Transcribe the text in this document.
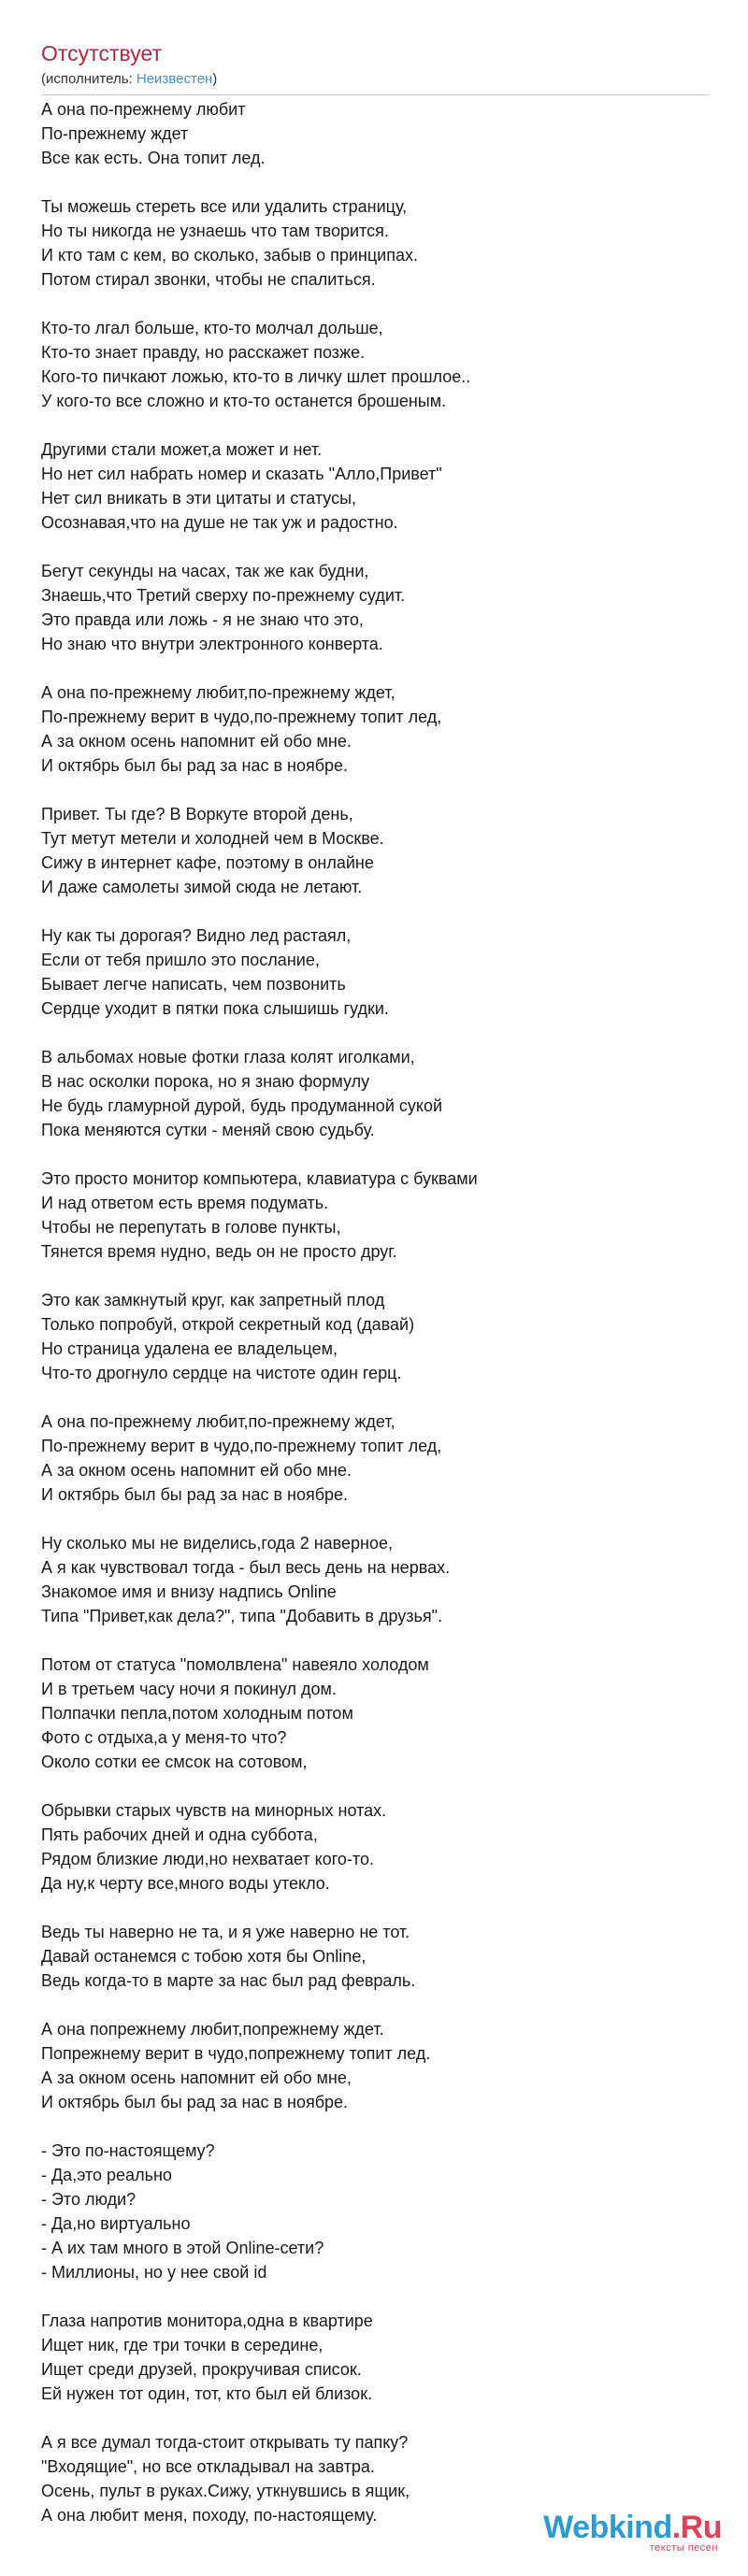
Отсутствует
(исполнитель: Неизвестен)
А она по-прежнему любит
По-прежнему ждет
Все как есть. Она топит лед.
Ты можешь стереть все или удалить страницу,
Но ты никогда не узнаешь что там творится.
И кто там с кем, во сколько, забыв о принципах.
Потом стирал звонки, чтобы не спалиться.
Кто-то лгал больше, кто-то молчал дольше,
Кто-то знает правду, но расскажет позже.
Кого-то пичкают ложью, кто-то в личку шлет прошлое..
У кого-то все сложно и кто-то останется брошеным.
Другими стали может,а может и нет.
Но нет сил набрать номер и сказать "Алло,Привет"
Нет сил вникать в эти цитаты и статусы,
Осознавая,что на душе не так уж и радостно.
Бегут секунды на часах, так же как будни,
Знаешь,что Третий сверху по-прежнему судит.
Это правда или ложь - я не знаю что это,
Но знаю что внутри электронного конверта.
А она по-прежнему любит,по-прежнему ждет,
По-прежнему верит в чудо,по-прежнему топит лед,
А за окном осень напомнит ей обо мне.
И октябрь был бы рад за нас в ноябре.
Привет. Ты где? В Воркуте второй день,
Тут метут метели и холодней чем в Москве.
Сижу в интернет кафе, поэтому в онлайне
И даже самолеты зимой сюда не летают.
Ну как ты дорогая? Видно лед растаял,
Если от тебя пришло это послание,
Бывает легче написать, чем позвонить
Сердце уходит в пятки пока слышишь гудки.
В альбомах новые фотки глаза колят иголками,
В нас осколки порока, но я знаю формулу
Не будь гламурной дурой, будь продуманной сукой
Пока меняются сутки - меняй свою судьбу.
Это просто монитор компьютера, клавиатура с буквами
И над ответом есть время подумать.
Чтобы не перепутать в голове пункты,
Тянется время нудно, ведь он не просто друг.
Это как замкнутый круг, как запретный плод
Только попробуй, открой секретный код (давай)
Но страница удалена ее владельцем,
Что-то дрогнуло сердце на чистоте один герц.
А она по-прежнему любит,по-прежнему ждет,
По-прежнему верит в чудо,по-прежнему топит лед,
А за окном осень напомнит ей обо мне.
И октябрь был бы рад за нас в ноябре.
Ну сколько мы не виделись,года 2 наверное,
А я как чувствовал тогда - был весь день на нервах.
Знакомое имя и внизу надпись Online
Типа "Привет,как дела?", типа "Добавить в друзья".
Потом от статуса "помолвлена" навеяло холодом
И в третьем часу ночи я покинул дом.
Полпачки пепла,потом холодным потом
Фото с отдыха,а у меня-то что?
Около сотки ее смсок на сотовом,
Обрывки старых чувств на минорных нотах.
Пять рабочих дней и одна суббота,
Рядом близкие люди,но нехватает кого-то.
Да ну,к черту все,много воды утекло.
Ведь ты наверно не та, и я уже наверно не тот.
Давай останемся с тобою хотя бы Online,
Ведь когда-то в марте за нас был рад февраль.
А она попрежнему любит,попрежнему ждет.
Попрежнему верит в чудо,попрежнему топит лед.
А за окном осень напомнит ей обо мне,
И октябрь был бы рад за нас в ноябре.
- Это по-настоящему?
- Да,это реально
- Это люди?
- Да,но виртуально
- А их там много в этой Online-сети?
- Миллионы, но у нее свой id
Глаза напротив монитора,одна в квартире
Ищет ник, где три точки в середине,
Ищет среди друзей, прокручивая список.
Ей нужен тот один, тот, кто был ей близок.
А я все думал тогда-стоит открывать ту папку?
"Входящие", но все откладывал на завтра.
Осень, пульт в руках.Сижу, уткнувшись в ящик,
А она любит меня, походу, по-настоящему.	Webkind.Ru
тексты песен
